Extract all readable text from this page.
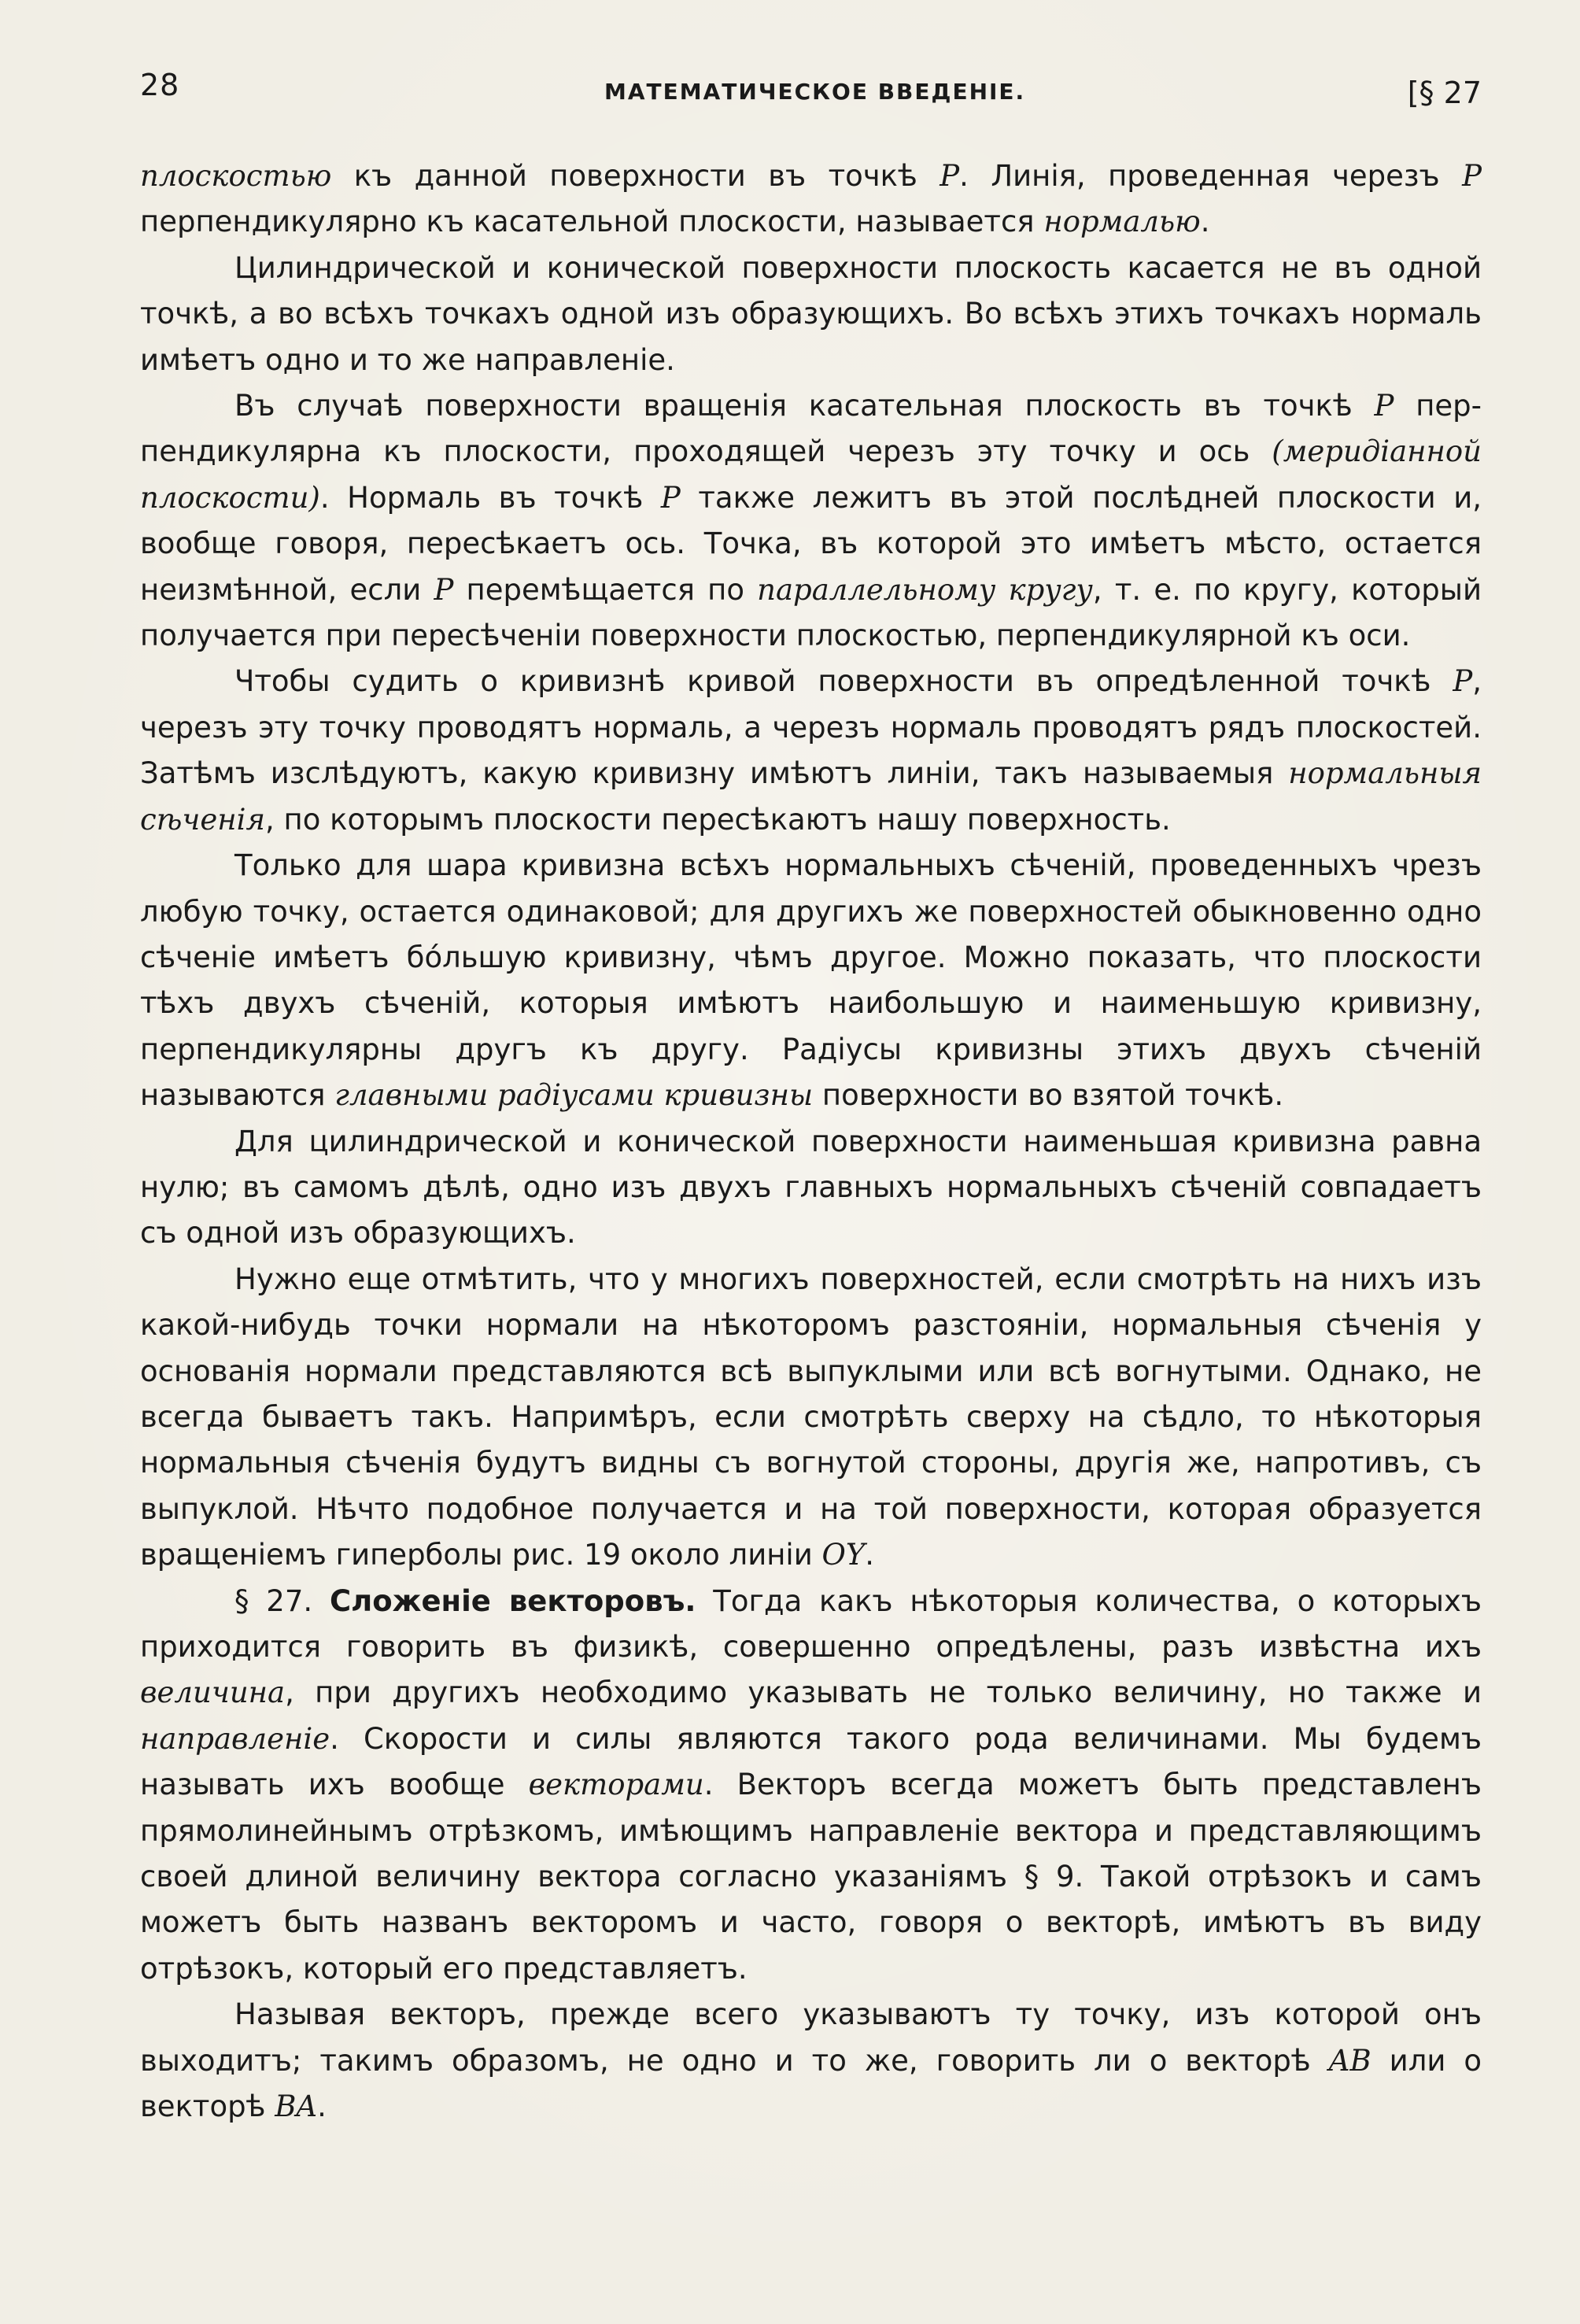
28	МАТЕМАТИЧЕСКОЕ ВВЕДЕНІЕ.	[§ 27

плоскостью къ данной поверхности въ точкѣ P. Линія, проведенная черезъ P перпендикулярно къ касательной плоскости, называется нормалью.

Цилиндрической и конической поверхности плоскость касается не въ одной точкѣ, а во всѣхъ точкахъ одной изъ образующихъ. Во всѣхъ этихъ точкахъ нормаль имѣетъ одно и то же направленіе.

Въ случаѣ поверхности вращенія касательная плоскость въ точкѣ P перпендикулярна къ плоскости, проходящей черезъ эту точку и ось (меридіанной плоскости). Нормаль въ точкѣ P также лежитъ въ этой послѣдней плоскости и, вообще говоря, пересѣкаетъ ось. Точка, въ которой это имѣетъ мѣсто, остается неизмѣнной, если P перемѣщается по параллельному кругу, т. е. по кругу, который получается при пересѣченіи поверхности плоскостью, перпендикулярной къ оси.

Чтобы судить о кривизнѣ кривой поверхности въ опредѣленной точкѣ P, черезъ эту точку проводятъ нормаль, а черезъ нормаль проводятъ рядъ плоскостей. Затѣмъ изслѣдуютъ, какую кривизну имѣютъ линіи, такъ называемыя нормальныя сѣченія, по которымъ плоскости пересѣкаютъ нашу поверхность.

Только для шара кривизна всѣхъ нормальныхъ сѣченій, проведенныхъ чрезъ любую точку, остается одинаковой; для другихъ же поверхностей обыкновенно одно сѣченіе имѣетъ бóльшую кривизну, чѣмъ другое. Можно показать, что плоскости тѣхъ двухъ сѣченій, которыя имѣютъ наибольшую и наименьшую кривизну, перпендикулярны другъ къ другу. Радіусы кривизны этихъ двухъ сѣченій называются главными радіусами кривизны поверхности во взятой точкѣ.

Для цилиндрической и конической поверхности наименьшая кривизна равна нулю; въ самомъ дѣлѣ, одно изъ двухъ главныхъ нормальныхъ сѣченій совпадаетъ съ одной изъ образующихъ.

Нужно еще отмѣтить, что у многихъ поверхностей, если смотрѣть на нихъ изъ какой-нибудь точки нормали на нѣкоторомъ разстояніи, нормальныя сѣченія у основанія нормали представляются всѣ выпуклыми или всѣ вогнутыми. Однако, не всегда бываетъ такъ. Напримѣръ, если смотрѣть сверху на сѣдло, то нѣкоторыя нормальныя сѣченія будутъ видны съ вогнутой стороны, другія же, напротивъ, съ выпуклой. Нѣчто подобное получается и на той поверхности, которая образуется вращеніемъ гиперболы рис. 19 около линіи OY.

§ 27. Сложеніе векторовъ. Тогда какъ нѣкоторыя количества, о которыхъ приходится говорить въ физикѣ, совершенно опредѣлены, разъ извѣстна ихъ величина, при другихъ необходимо указывать не только величину, но также и направленіе. Скорости и силы являются такого рода величинами. Мы будемъ называть ихъ вообще векторами. Векторъ всегда можетъ быть представленъ прямолинейнымъ отрѣзкомъ, имѣющимъ направленіе вектора и представляющимъ своей длиной величину вектора согласно указаніямъ § 9. Такой отрѣзокъ и самъ можетъ быть названъ векторомъ и часто, говоря о векторѣ, имѣютъ въ виду отрѣзокъ, который его представляетъ.

Называя векторъ, прежде всего указываютъ ту точку, изъ которой онъ выходитъ; такимъ образомъ, не одно и то же, говорить ли о векторѣ AB или о векторѣ BA.
